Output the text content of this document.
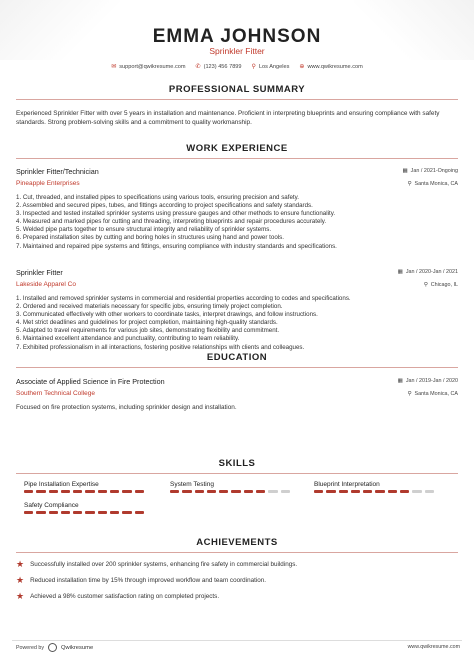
EMMA JOHNSON
Sprinkler Fitter
✉ support@qwikresume.com ✆ (123) 456 7899 ⚲ Los Angeles ⊕ www.qwikresume.com
PROFESSIONAL SUMMARY
Experienced Sprinkler Fitter with over 5 years in installation and maintenance. Proficient in interpreting blueprints and ensuring compliance with safety standards. Strong problem-solving skills and a commitment to quality workmanship.
WORK EXPERIENCE
Sprinkler Fitter/Technician	▦ Jan / 2021-Ongoing
Pineapple Enterprises	⚲ Santa Monica, CA
1. Cut, threaded, and installed pipes to specifications using various tools, ensuring precision and safety.
2. Assembled and secured pipes, tubes, and fittings according to project specifications and safety standards.
3. Inspected and tested installed sprinkler systems using pressure gauges and other methods to ensure functionality.
4. Measured and marked pipes for cutting and threading, interpreting blueprints and repair procedures accurately.
5. Welded pipe parts together to ensure structural integrity and reliability of sprinkler systems.
6. Prepared installation sites by cutting and boring holes in structures using hand and power tools.
7. Maintained and repaired pipe systems and fittings, ensuring compliance with industry standards and specifications.
Sprinkler Fitter	▦ Jan / 2020-Jan / 2021
Lakeside Apparel Co	⚲ Chicago, IL
1. Installed and removed sprinkler systems in commercial and residential properties according to codes and specifications.
2. Ordered and received materials necessary for specific jobs, ensuring timely project completion.
3. Communicated effectively with other workers to coordinate tasks, interpret drawings, and follow instructions.
4. Met strict deadlines and guidelines for project completion, maintaining high-quality standards.
5. Adapted to travel requirements for various job sites, demonstrating flexibility and commitment.
6. Maintained excellent attendance and punctuality, contributing to team reliability.
7. Exhibited professionalism in all interactions, fostering positive relationships with clients and colleagues.
EDUCATION
Associate of Applied Science in Fire Protection	▦ Jan / 2019-Jan / 2020
Southern Technical College	⚲ Santa Monica, CA
Focused on fire protection systems, including sprinkler design and installation.
SKILLS
Pipe Installation Expertise	System Testing	Blueprint Interpretation
Safety Compliance
ACHIEVEMENTS
★ Successfully installed over 200 sprinkler systems, enhancing fire safety in commercial buildings.
★ Reduced installation time by 15% through improved workflow and team coordination.
★ Achieved a 98% customer satisfaction rating on completed projects.
Powered by	Qwikresume	www.qwikresume.com
